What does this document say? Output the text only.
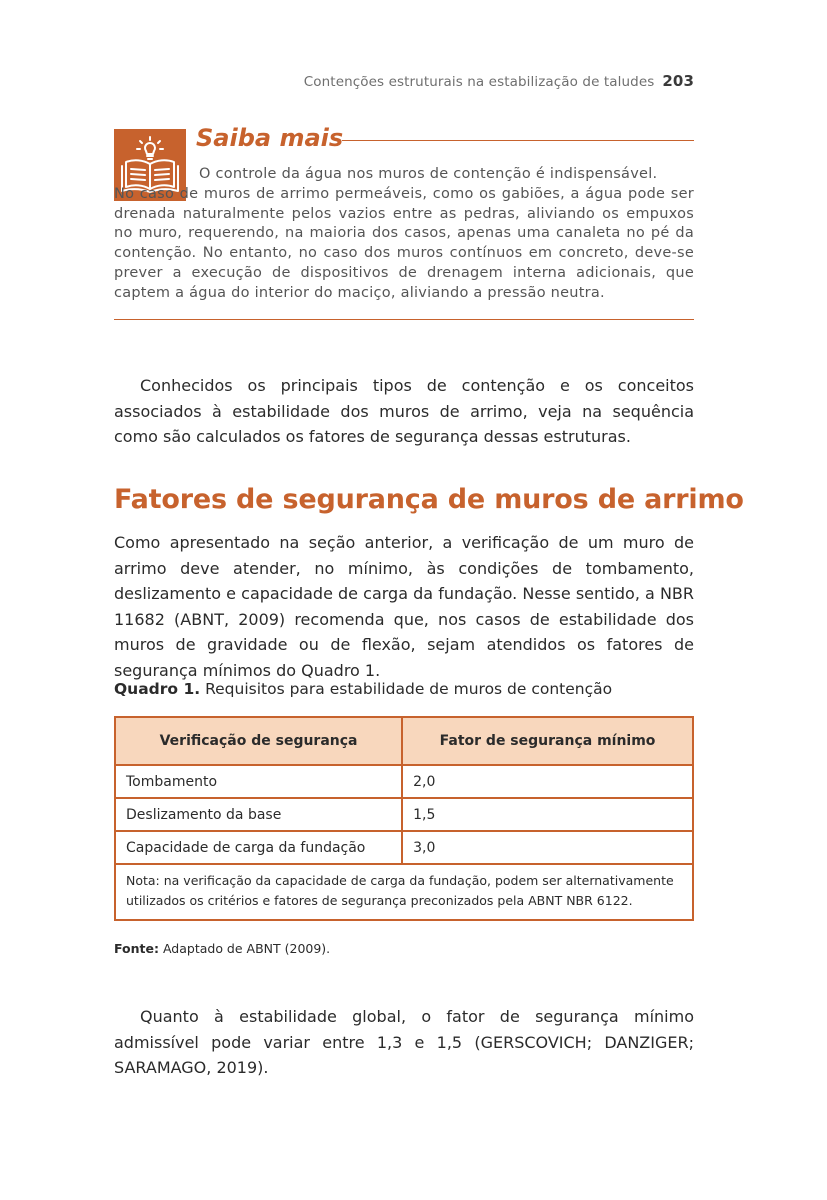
Contenções estruturais na estabilização de taludes 203
Saiba mais
O controle da água nos muros de contenção é indispensável.
No caso de muros de arrimo permeáveis, como os gabiões, a água pode ser drenada naturalmente pelos vazios entre as pedras, aliviando os empuxos no muro, requerendo, na maioria dos casos, apenas uma canaleta no pé da contenção. No entanto, no caso dos muros contínuos em concreto, deve-se prever a execução de dispositivos de drenagem interna adicionais, que captem a água do interior do maciço, aliviando a pressão neutra.

Conhecidos os principais tipos de contenção e os conceitos associados à estabilidade dos muros de arrimo, veja na sequência como são calculados os fatores de segurança dessas estruturas.

Fatores de segurança de muros de arrimo

Como apresentado na seção anterior, a verificação de um muro de arrimo deve atender, no mínimo, às condições de tombamento, deslizamento e capacidade de carga da fundação. Nesse sentido, a NBR 11682 (ABNT, 2009) recomenda que, nos casos de estabilidade dos muros de gravidade ou de flexão, sejam atendidos os fatores de segurança mínimos do Quadro 1.

Quadro 1. Requisitos para estabilidade de muros de contenção
Verificação de segurança	Fator de segurança mínimo
Tombamento	2,0
Deslizamento da base	1,5
Capacidade de carga da fundação	3,0
Nota: na verificação da capacidade de carga da fundação, podem ser alternativamente utilizados os critérios e fatores de segurança preconizados pela ABNT NBR 6122.	
Fonte: Adaptado de ABNT (2009).

Quanto à estabilidade global, o fator de segurança mínimo admissível pode variar entre 1,3 e 1,5 (GERSCOVICH; DANZIGER; SARAMAGO, 2019).
